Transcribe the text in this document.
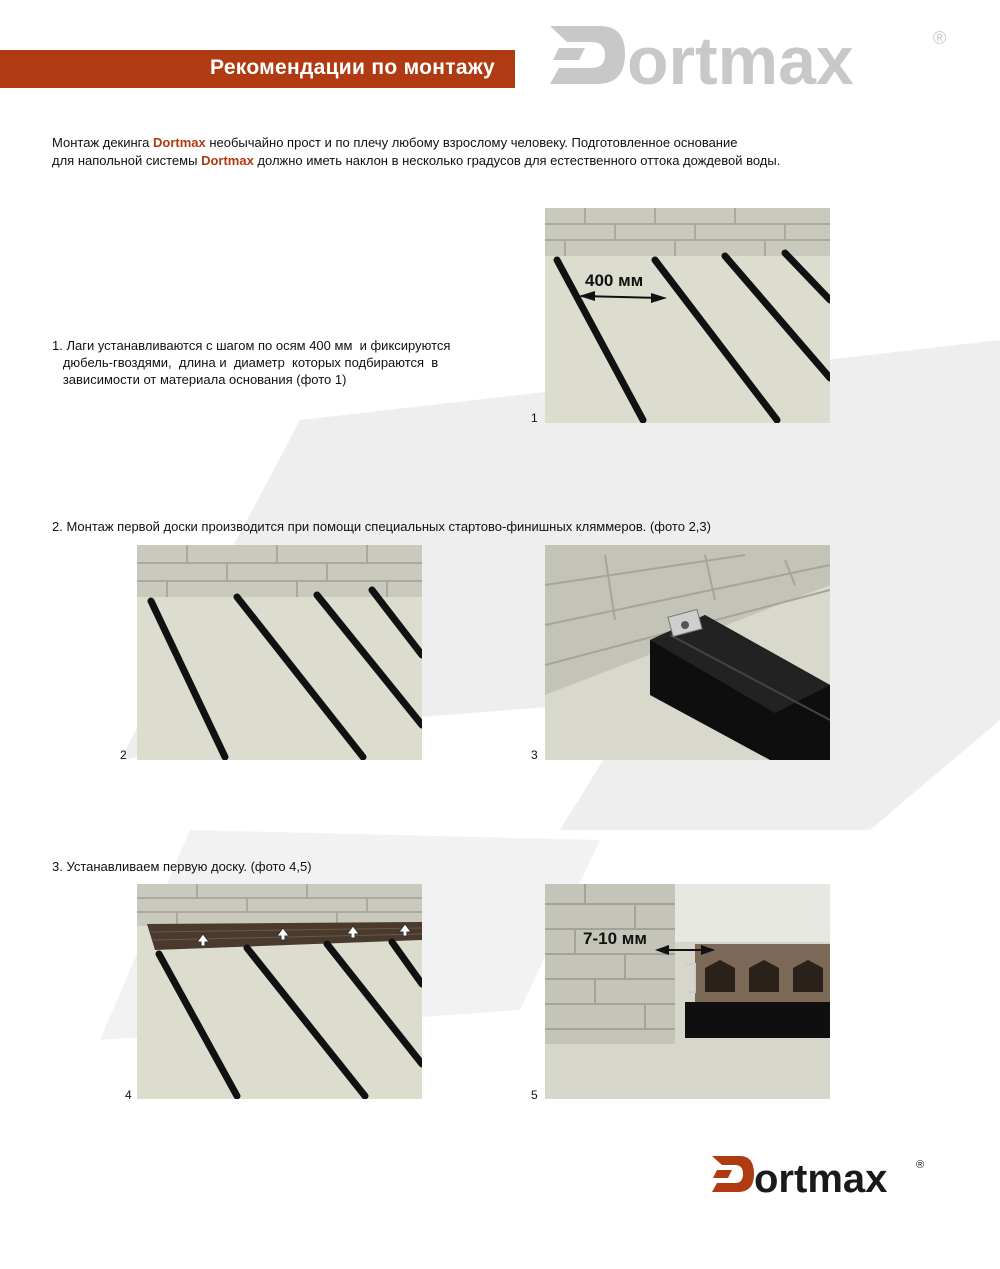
Рекомендации по монтажу ortmax	®
Монтаж декинга Dortmax необычайно прост и по плечу любому взрослому человеку. Подготовленное основание
для напольной системы Dortmax должно иметь наклон в несколько градусов для естественного оттока дождевой воды.

1. Лаги устанавливаются с шагом по осям 400 мм  и фиксируются
дюбель-гвоздями,  длина и  диаметр  которых подбираются  в
зависимости от материала основания (фото 1)

400 мм
1
2. Монтаж первой доски производится при помощи специальных стартово-финишных кляммеров. (фото 2,3)
2	3
3. Устанавливаем первую доску. (фото 4,5)
4
7-10 мм
5
ortmax	®
